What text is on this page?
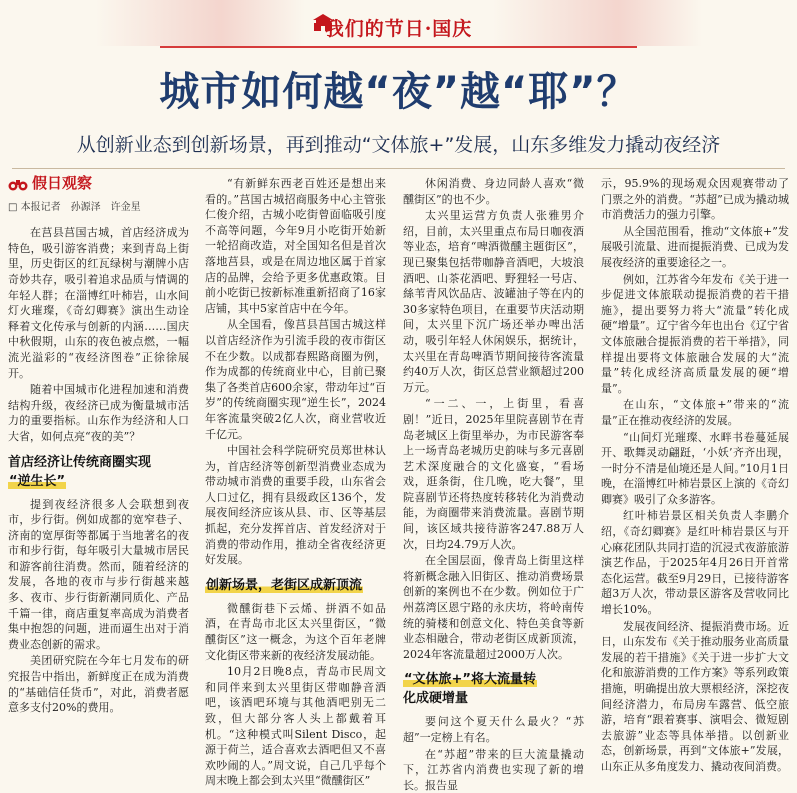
我们的节日·国庆
城市如何越“夜”越“耶”？
从创新业态到创新场景，再到推动“文体旅+”发展，山东多维发力撬动夜经济
假日观察
□ 本报记者　 孙源泽　许金星

在莒县莒国古城，首店经济成为特色，吸引游客消费；来到青岛上街里，历史街区的红瓦绿树与潮牌小店奇妙共存，吸引着追求品质与情调的年轻人群；在淄博红叶柿岩，山水间灯火璀璨，《奇幻卿赛》演出生动诠释着文化传承与创新的内涵……国庆中秋假期，山东的夜色被点燃，一幅流光溢彩的“夜经济图卷”正徐徐展开。

随着中国城市化进程加速和消费结构升级，夜经济已成为衡量城市活力的重要指标。山东作为经济和人口大省，如何点亮“夜的美”？

首店经济让传统商圈实现
“逆生长”

提到夜经济很多人会联想到夜市，步行街。例如成都的宽窄巷子、济南的宽厚街等都属于当地著名的夜市和步行街，每年吸引大量城市居民和游客前往消费。然而，随着经济的发展，各地的夜市与步行街越来越多、夜市、步行街新潮同质化、产品千篇一律，商店重复率高成为消费者集中抱怨的问题，进而逼生出对于消费业态创新的需求。

美团研究院在今年七月发布的研究报告中指出，新鲜度正在成为消费的“基础信任货币”，对此，消费者愿意多支付20%的费用。

“有新鲜东西老百姓还是想出来看的。”莒国古城招商服务中心主管张仁俊介绍，古城小吃街曾面临吸引度不高等问题，今年9月小吃街开始新一轮招商改造，对全国知名但是首次落地莒县，或是在周边地区属于首家店的品牌，会给予更多优惠政策。目前小吃街已按新标准重新招商了16家店铺，其中5家首店中在今年。

从全国看，像莒县莒国古城这样以首店经济作为引流手段的夜市街区不在少数。以成都春熙路商圈为例，作为成都的传统商业中心，目前已聚集了各类首店600余家，带动年过“百岁”的传统商圈实现“逆生长”，2024年客流量突破2亿人次，商业营收近千亿元。

中国社会科学院研究员郑世林认为，首店经济等创新型消费业态成为带动城市消费的重要手段，山东省会人口过亿，拥有县级政区136个，发展夜间经济应该从县、市、区等基层抓起，充分发挥首店、首发经济对于消费的带动作用，推动全省夜经济更好发展。

创新场景，老街区成新顶流

微醺街巷下云烯、拼酒不如品酒，在青岛市北区太兴里街区，“微醺街区”这一概念，为这个百年老牌文化街区带来新的夜经济发展动能。

10月2日晚8点，青岛市民周文和同伴来到太兴里街区带咖静音酒吧，该酒吧环境与其他酒吧别无二致，但大部分客人头上都戴着耳机。“这种模式叫Silent Disco，起源于荷兰，适合喜欢去酒吧但又不喜欢吵闹的人。”周文说，自己几乎每个周末晚上都会到太兴里“微醺街区”

休闲消费、身边同龄人喜欢“微醺街区”的也不少。

太兴里运营方负责人张雅男介绍，目前，太兴里重点布局日咖夜酒等业态，培育“啤酒微醺主题街区”，现已聚集包括带咖静音酒吧，大坡浪酒吧、山茶花酒吧、野狸轻一号店、絲苇青风饮品店、波罐油子等在内的30多家特色项目，在重要节庆活动期间，太兴里下沉广场还举办啤出活动，吸引年轻人休闲娱乐，据统计，太兴里在青岛啤酒节期间接待客流量约40万人次，街区总营业额超过200万元。

“一二、一，上街里，看喜剧！”近日，2025年里院喜剧节在青岛老城区上街里举办，为市民游客奉上一场青岛老城历史韵味与多元喜剧艺术深度融合的文化盛宴，“看场戏，逛条街，住几晚，吃大餐”，里院喜剧节还将热度转移转化为消费动能，为商圈带来消费流量。喜剧节期间，该区域共接待游客247.88万人次，日均24.79万人次。

在全国层面，像青岛上街里这样将新概念融入旧街区、推动消费场景创新的案例也不在少数。例如位于广州荔湾区恩宁路的永庆坊，将岭南传统的骑楼和创意文化、特色美食等新业态相融合，带动老街区成新顶流，2024年客流量超过2000万人次。

“文体旅+”将大流量转
化成硬增量

要问这个夏天什么最火？“苏超”一定榜上有名。

在“苏超”带来的巨大流量撬动下，江苏省内消费也实现了新的增长。报告显

示，95.9%的现场观众因观赛带动了门票之外的消费。“苏超”已成为撬动城市消费活力的强力引擎。

从全国范围看，推动“文体旅+”发展吸引流量、进而提振消费、已成为发展夜经济的重要途径之一。

例如，江苏省今年发布《关于进一步促进文体旅联动提振消费的若干措施》，提出要努力将大“流量”转化成硬“增量”。辽宁省今年也出台《辽宁省文体旅融合提振消费的若干举措》，同样提出要将文体旅融合发展的大“流量”转化成经济高质量发展的硬“增量”。

在山东，“文体旅+”带来的“流量”正在推动夜经济的发展。

“山间灯光璀璨、水畔书卷蔓延展开、歌舞灵动翩跹，‘小妖’齐齐出现，一时分不清是仙境还是人间。”10月1日晚，在淄博红叶柿岩景区上演的《奇幻卿赛》吸引了众多游客。

红叶柿岩景区相关负责人李鹏介绍，《奇幻卿赛》是红叶柿岩景区与开心麻花团队共同打造的沉浸式夜游旅游演艺作品，于2025年4月26日开首常态化运营。截至9月29日，已接待游客超3万人次，带动景区游客及营收同比增长10%。

发展夜间经济、提振消费市场。近日，山东发布《关于推动服务业高质量发展的若干措施》《关于进一步扩大文化和旅游消费的工作方案》等系列政策措施，明确提出放大票根经济，深挖夜间经济潜力，布局房车露营、低空旅游，培育“跟着赛事、演唱会、微短剧去旅游”业态等具体举措。以创新业态，创新场景，再到“文体旅+”发展，山东正从多角度发力、撬动夜间消费。
